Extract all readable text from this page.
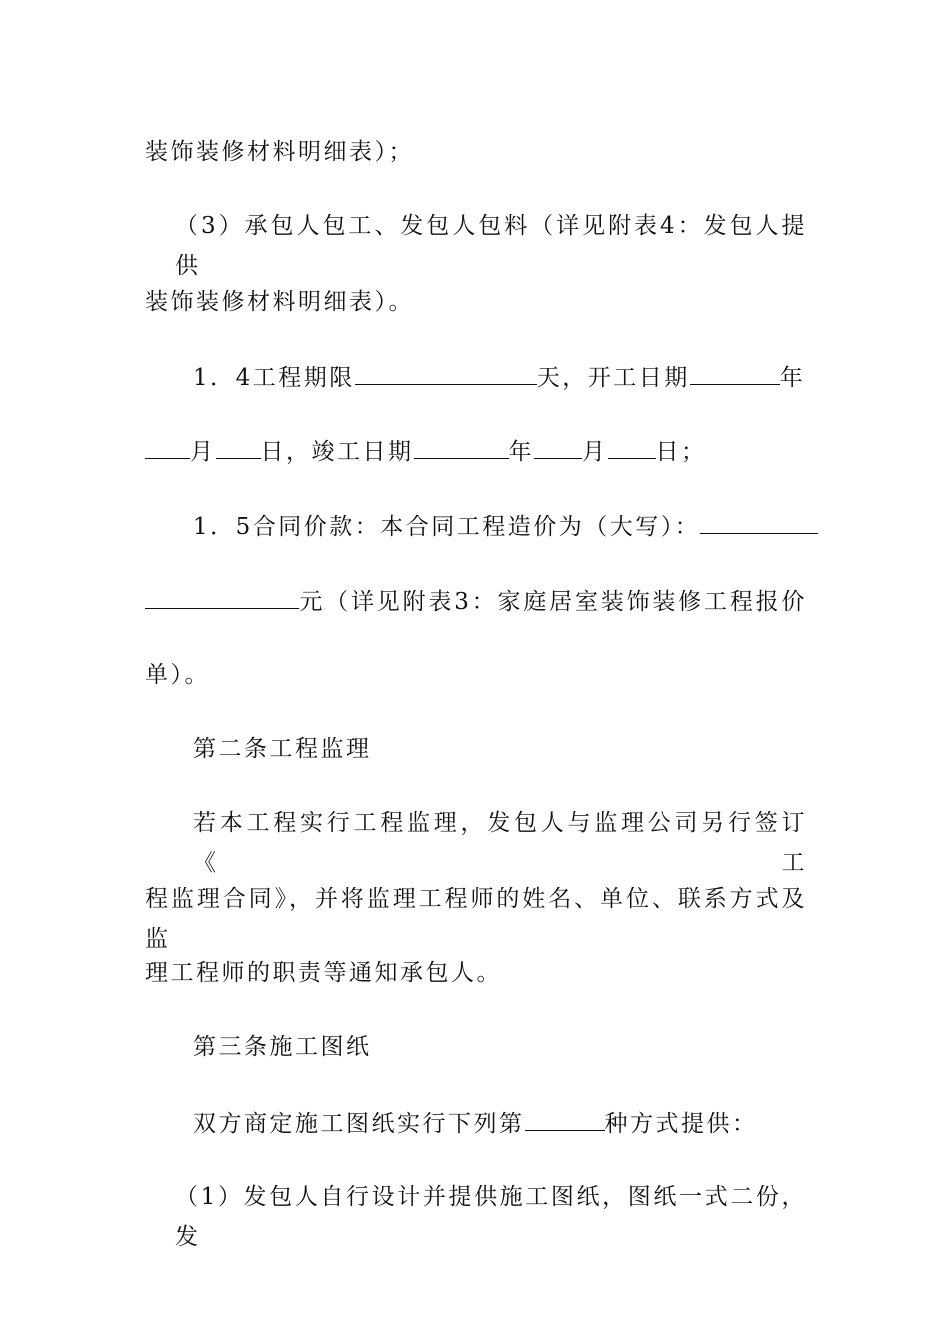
装饰装修材料明细表）；
（3）承包人包工、发包人包料（详见附表4：发包人提供
装饰装修材料明细表）。
1．4工程期限	天，开工日期	年
月 日，竣工日期	年 月 日；
1．5合同价款：本合同工程造价为（大写）：
元（详见附表3：家庭居室装饰装修工程报价
单）。
第二条工程监理
若本工程实行工程监理，发包人与监理公司另行签订《工
程监理合同》，并将监理工程师的姓名、单位、联系方式及监
理工程师的职责等通知承包人。
第三条施工图纸
双方商定施工图纸实行下列第	种方式提供：
（1）发包人自行设计并提供施工图纸，图纸一式二份，发
